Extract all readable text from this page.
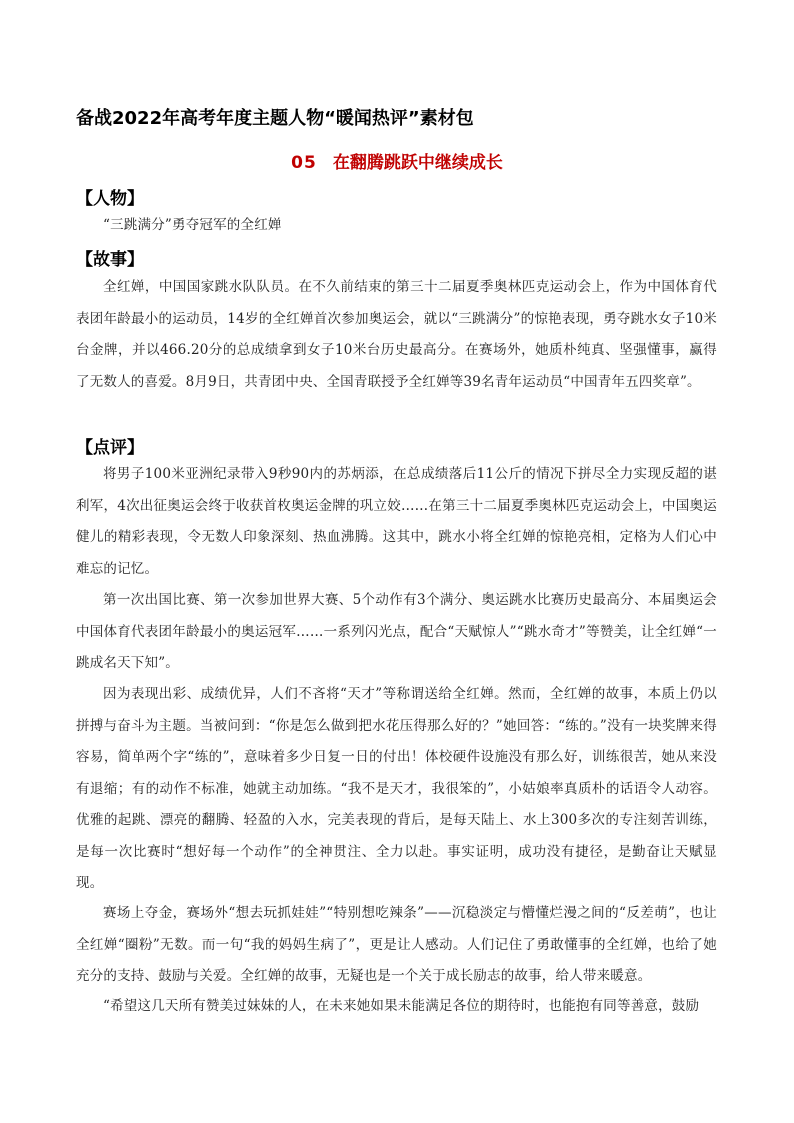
备战2022年高考年度主题人物“暖闻热评”素材包
05 在翻腾跳跃中继续成长
【人物】

“三跳满分”勇夺冠军的全红婵

【故事】

全红婵，中国国家跳水队队员。在不久前结束的第三十二届夏季奥林匹克运动会上，作为中国体育代表团年龄最小的运动员，14岁的全红婵首次参加奥运会，就以“三跳满分”的惊艳表现，勇夺跳水女子10米台金牌，并以466.20分的总成绩拿到女子10米台历史最高分。在赛场外，她质朴纯真、坚强懂事，赢得了无数人的喜爱。8月9日，共青团中央、全国青联授予全红婵等39名青年运动员“中国青年五四奖章”。

【点评】

将男子100米亚洲纪录带入9秒90内的苏炳添，在总成绩落后11公斤的情况下拼尽全力实现反超的谌利军，4次出征奥运会终于收获首枚奥运金牌的巩立姣……在第三十二届夏季奥林匹克运动会上，中国奥运健儿的精彩表现，令无数人印象深刻、热血沸腾。这其中，跳水小将全红婵的惊艳亮相，定格为人们心中难忘的记忆。

第一次出国比赛、第一次参加世界大赛、5个动作有3个满分、奥运跳水比赛历史最高分、本届奥运会中国体育代表团年龄最小的奥运冠军……一系列闪光点，配合“天赋惊人”“跳水奇才”等赞美，让全红婵“一跳成名天下知”。

因为表现出彩、成绩优异，人们不吝将“天才”等称谓送给全红婵。然而，全红婵的故事，本质上仍以拼搏与奋斗为主题。当被问到：“你是怎么做到把水花压得那么好的？”她回答：“练的。”没有一块奖牌来得容易，简单两个字“练的”，意味着多少日复一日的付出！体校硬件设施没有那么好，训练很苦，她从来没有退缩；有的动作不标准，她就主动加练。“我不是天才，我很笨的”，小姑娘率真质朴的话语令人动容。优雅的起跳、漂亮的翻腾、轻盈的入水，完美表现的背后，是每天陆上、水上300多次的专注刻苦训练，是每一次比赛时“想好每一个动作”的全神贯注、全力以赴。事实证明，成功没有捷径，是勤奋让天赋显现。

赛场上夺金，赛场外“想去玩抓娃娃”“特别想吃辣条”——沉稳淡定与懵懂烂漫之间的“反差萌”，也让全红婵“圈粉”无数。而一句“我的妈妈生病了”，更是让人感动。人们记住了勇敢懂事的全红婵，也给了她充分的支持、鼓励与关爱。全红婵的故事，无疑也是一个关于成长励志的故事，给人带来暖意。

“希望这几天所有赞美过妹妹的人，在未来她如果未能满足各位的期待时，也能抱有同等善意，鼓励
